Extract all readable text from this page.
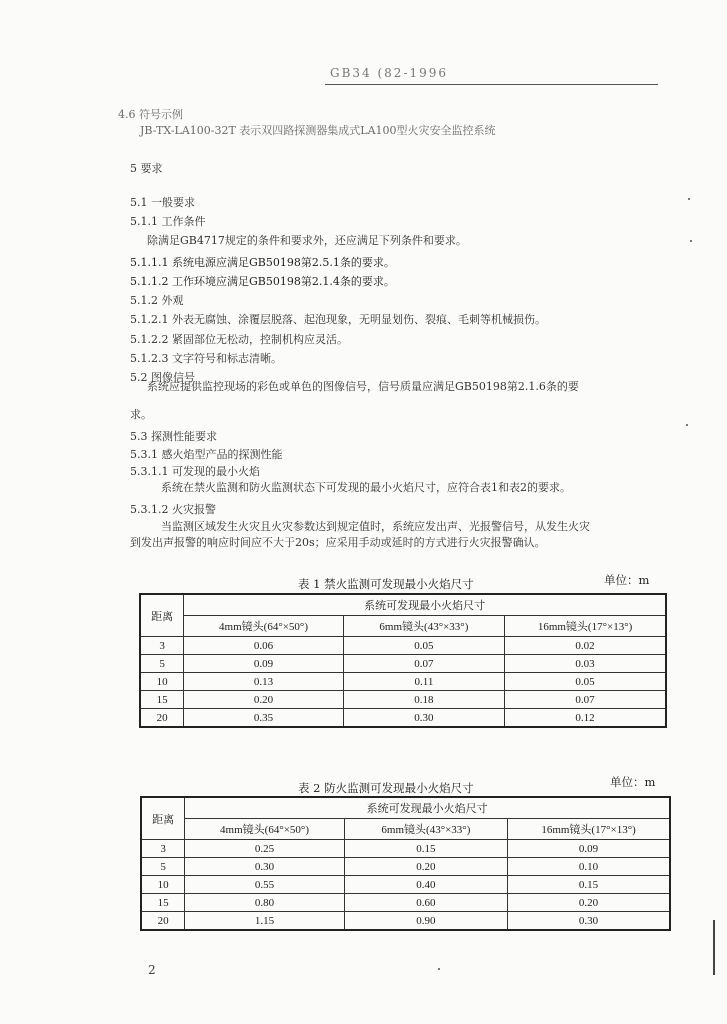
GB34 (82-1996
4.6 符号示例
JB-TX-LA100-32T 表示双四路探测器集成式LA100型火灾安全监控系统
5 要求
5.1 一般要求
5.1.1 工作条件
除满足GB4717规定的条件和要求外，还应满足下列条件和要求。
5.1.1.1 系统电源应满足GB50198第2.5.1条的要求。
5.1.1.2 工作环境应满足GB50198第2.1.4条的要求。
5.1.2 外观
5.1.2.1 外表无腐蚀、涂覆层脱落、起泡现象，无明显划伤、裂痕、毛刺等机械损伤。
5.1.2.2 紧固部位无松动，控制机构应灵活。
5.1.2.3 文字符号和标志清晰。
5.2 图像信号
系统应提供监控现场的彩色或单色的图像信号，信号质量应满足GB50198第2.1.6条的要
求。
5.3 探测性能要求
5.3.1 感火焰型产品的探测性能
5.3.1.1 可发现的最小火焰
系统在禁火监测和防火监测状态下可发现的最小火焰尺寸，应符合表1和表2的要求。
5.3.1.2 火灾报警
当监测区域发生火灾且火灾参数达到规定值时，系统应发出声、光报警信号，从发生火灾
到发出声报警的响应时间应不大于20s；应采用手动或延时的方式进行火灾报警确认。
表 1 禁火监测可发现最小火焰尺寸	单位：m
距离	系统可发现最小火焰尺寸		
	4mm镜头(64°×50°)	6mm镜头(43°×33°)	16mm镜头(17°×13°)
3	0.06	0.05	0.02
5	0.09	0.07	0.03
10	0.13	0.11	0.05
15	0.20	0.18	0.07
20	0.35	0.30	0.12
表 2 防火监测可发现最小火焰尺寸	单位：m
距离	系统可发现最小火焰尺寸		
	4mm镜头(64°×50°)	6mm镜头(43°×33°)	16mm镜头(17°×13°)
3	0.25	0.15	0.09
5	0.30	0.20	0.10
10	0.55	0.40	0.15
15	0.80	0.60	0.20
20	1.15	0.90	0.30
2
